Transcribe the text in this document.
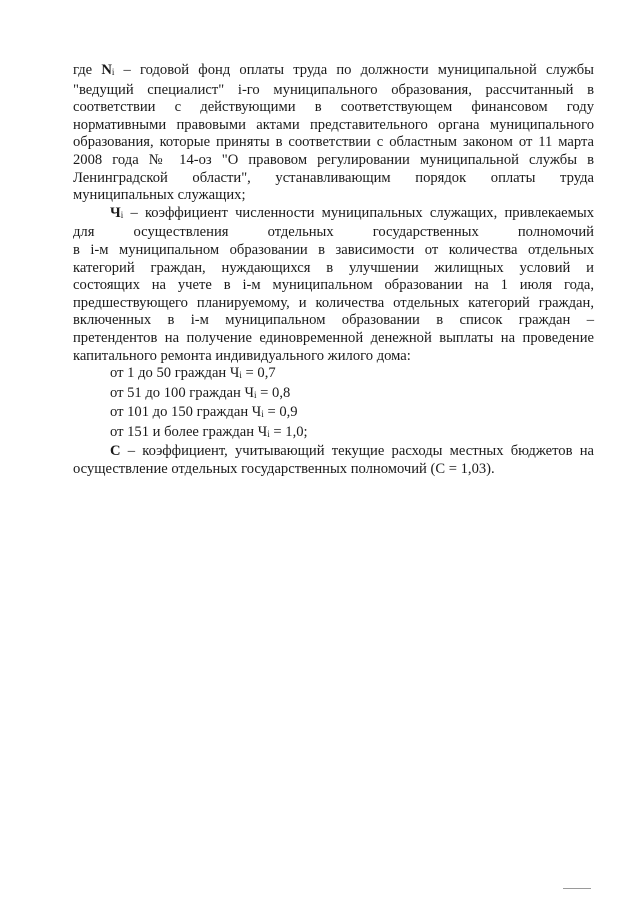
где $N_i$ – годовой фонд оплаты труда по должности муниципальной службы
"ведущий специалист" i-го муниципального образования, рассчитанный в
соответствии с действующими в соответствующем финансовом году
нормативными правовыми актами представительного органа муниципального
образования, которые приняты в соответствии с областным законом от 11 марта
2008 года № 14-оз "О правовом регулировании муниципальной службы в
Ленинградской области", устанавливающим порядок оплаты труда
муниципальных служащих;
$Ч_i$ – коэффициент численности муниципальных служащих, привлекаемых
для осуществления отдельных государственных полномочий
в i-м муниципальном образовании в зависимости от количества отдельных
категорий граждан, нуждающихся в улучшении жилищных условий и
состоящих на учете в i-м муниципальном образовании на 1 июля года,
предшествующего планируемому, и количества отдельных категорий граждан,
включенных в i-м муниципальном образовании в список граждан –
претендентов на получение единовременной денежной выплаты на проведение
капитального ремонта индивидуального жилого дома:

от 1 до 50 граждан $Ч_i = 0,7$

от 51 до 100 граждан $Ч_i = 0,8$

от 101 до 150 граждан $Ч_i = 0,9$

от 151 и более граждан $Ч_i = 1,0$;

С – коэффициент, учитывающий текущие расходы местных бюджетов на
осуществление отдельных государственных полномочий (С = 1,03).
